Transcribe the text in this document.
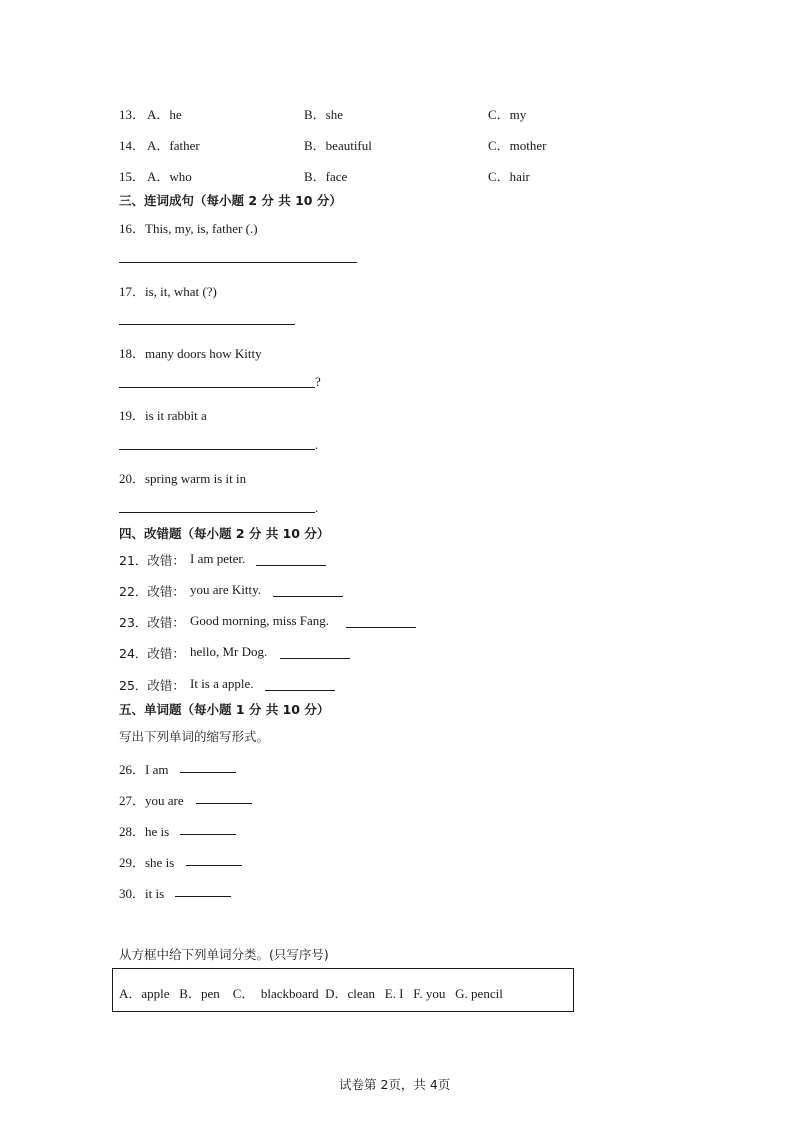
13． A．he	B．she	C．my
14． A．father	B．beautiful	C．mother
15． A．who	B．face	C．hair
三、连词成句（每小题 2 分 共 10 分）
16．This, my, is, father (.)
17．is, it, what (?)
18．many doors how Kitty
?
19．is it rabbit a
.
20．spring warm is it in
.
四、改错题（每小题 2 分 共 10 分）
21．改错： I am peter.
22．改错： you are Kitty.
23．改错： Good morning, miss Fang.
24．改错： hello, Mr Dog.
25．改错： It is a apple.
五、单词题（每小题 1 分 共 10 分）
写出下列单词的缩写形式。
26．I am
27．you are
28．he is
29．she is
30．it is
从方框中给下列单词分类。(只写序号)
A．apple   B．pen    C．  blackboard  D．clean   E. I   F. you   G. pencil
试卷第 2页，共 4页
